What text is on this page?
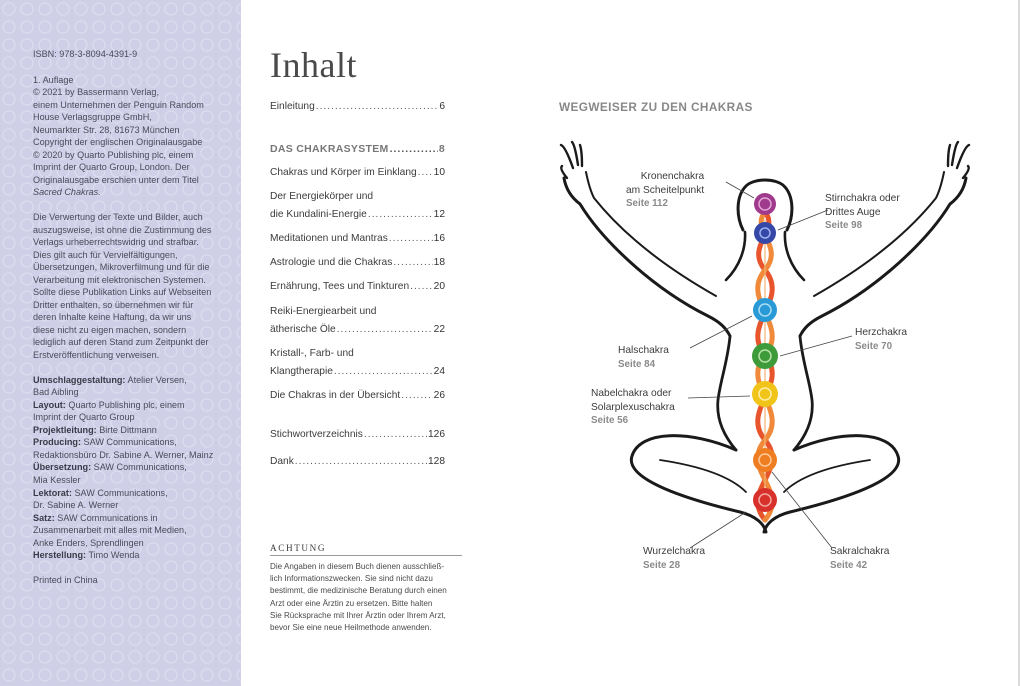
ISBN: 978-3-8094-4391-9

1. Auflage
© 2021 by Bassermann Verlag,
einem Unternehmen der Penguin Random
House Verlagsgruppe GmbH,
Neumarkter Str. 28, 81673 München
Copyright der englischen Originalausgabe
© 2020 by Quarto Publishing plc, einem
Imprint der Quarto Group, London. Der
Originalausgabe erschien unter dem Titel
Sacred Chakras.

Die Verwertung der Texte und Bilder, auch
auszugsweise, ist ohne die Zustimmung des
Verlags urheberrechtswidrig und strafbar.
Dies gilt auch für Vervielfältigungen,
Übersetzungen, Mikroverfilmung und für die
Verarbeitung mit elektronischen Systemen.
Sollte diese Publikation Links auf Webseiten
Dritter enthalten, so übernehmen wir für
deren Inhalte keine Haftung, da wir uns
diese nicht zu eigen machen, sondern
lediglich auf deren Stand zum Zeitpunkt der
Erstveröffentlichung verweisen.

Umschlaggestaltung: Atelier Versen,
Bad Aibling
Layout: Quarto Publishing plc, einem
Imprint der Quarto Group
Projektleitung: Birte Dittmann
Producing: SAW Communications,
Redaktionsbüro Dr. Sabine A. Werner, Mainz
Übersetzung: SAW Communications,
Mia Kessler
Lektorat: SAW Communications,
Dr. Sabine A. Werner
Satz: SAW Communications in
Zusammenarbeit mit alles mit Medien,
Anke Enders, Sprendlingen
Herstellung: Timo Wenda
Printed in China
Inhalt
Einleitung .....	6
DAS CHAKRASYSTEM .....	8
Chakras und Körper im Einklang ..... 10
Der Energiekörper und
die Kundalini-Energie .....	12
Meditationen und Mantras .....	16
Astrologie und die Chakras .....	18
Ernährung, Tees und Tinkturen ..... 20
Reiki-Energiearbeit und
ätherische Öle .....	22
Kristall-, Farb- und
Klangtherapie .....	24
Die Chakras in der Übersicht .....	26
Stichwortverzeichnis .....	126
Dank .....	128
ACHTUNG
Die Angaben in diesem Buch dienen ausschließ-
lich Informationszwecken. Sie sind nicht dazu
bestimmt, die medizinische Beratung durch einen
Arzt oder eine Ärztin zu ersetzen. Bitte halten
Sie Rücksprache mit Ihrer Ärztin oder Ihrem Arzt,
bevor Sie eine neue Heilmethode anwenden.
WEGWEISER ZU DEN CHAKRAS
Kronenchakra
am Scheitelpunkt
Seite 112	Stirnchakra oder
Drittes Auge
Seite 98
Halschakra
Seite 84
Herzchakra
Seite 70
Nabelchakra oder
Solarplexuschakra
Seite 56
Sakralchakra
Seite 42
Wurzelchakra
Seite 28
